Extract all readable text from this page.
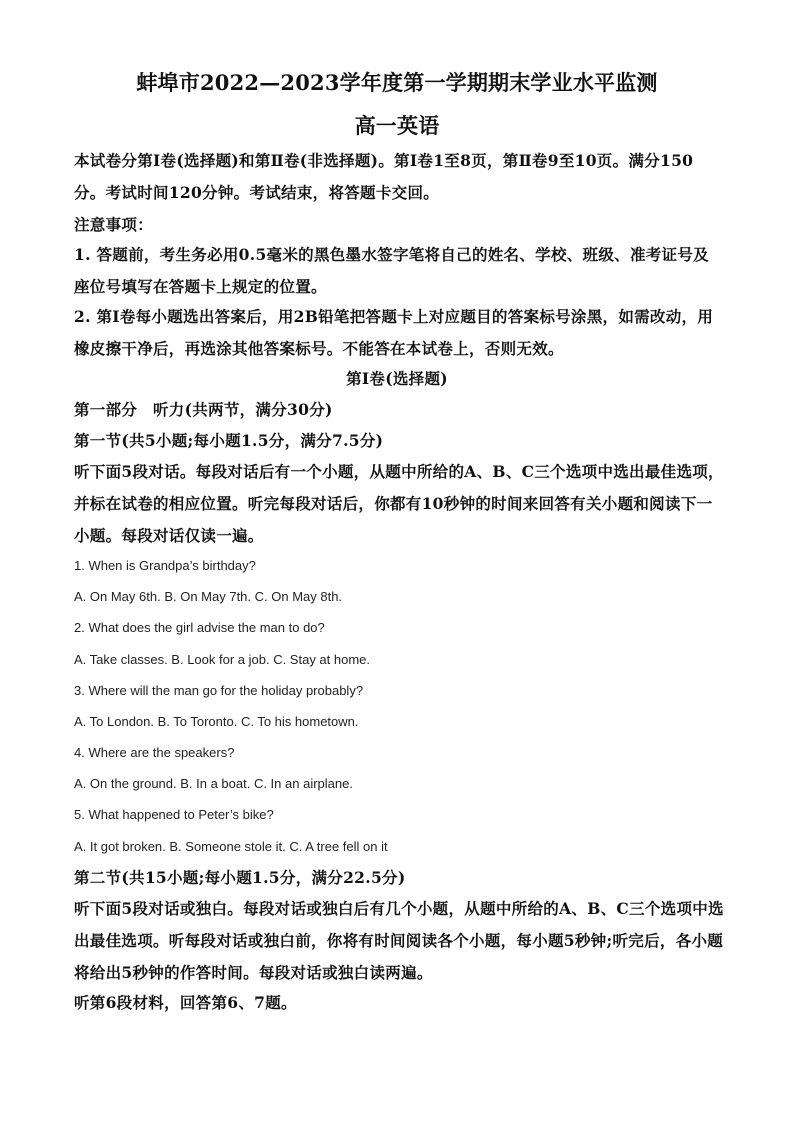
蚌埠市2022—2023学年度第一学期期末学业水平监测
高一英语

本试卷分第Ⅰ卷(选择题)和第Ⅱ卷(非选择题)。第Ⅰ卷1至8页，第Ⅱ卷9至10页。满分150分。考试时间120分钟。考试结束，将答题卡交回。

注意事项：

1. 答题前，考生务必用0.5毫米的黑色墨水签字笔将自己的姓名、学校、班级、准考证号及座位号填写在答题卡上规定的位置。

2. 第Ⅰ卷每小题选出答案后，用2B铅笔把答题卡上对应题目的答案标号涂黑，如需改动，用橡皮擦干净后，再选涂其他答案标号。不能答在本试卷上，否则无效。

第Ⅰ卷(选择题)

第一部分　听力(共两节，满分30分)

第一节(共5小题;每小题1.5分，满分7.5分)

听下面5段对话。每段对话后有一个小题，从题中所给的A、B、C三个选项中选出最佳选项，并标在试卷的相应位置。听完每段对话后，你都有10秒钟的时间来回答有关小题和阅读下一小题。每段对话仅读一遍。

1. When is Grandpa’s birthday?

A. On May 6th. B. On May 7th. C. On May 8th.

2. What does the girl advise the man to do?

A. Take classes. B. Look for a job. C. Stay at home.

3. Where will the man go for the holiday probably?

A. To London. B. To Toronto. C. To his hometown.

4. Where are the speakers?

A. On the ground. B. In a boat. C. In an airplane.

5. What happened to Peter’s bike?

A. It got broken. B. Someone stole it. C. A tree fell on it

第二节(共15小题;每小题1.5分，满分22.5分)

听下面5段对话或独白。每段对话或独白后有几个小题，从题中所给的A、B、C三个选项中选出最佳选项。听每段对话或独白前，你将有时间阅读各个小题，每小题5秒钟;听完后，各小题将给出5秒钟的作答时间。每段对话或独白读两遍。

听第6段材料，回答第6、7题。
